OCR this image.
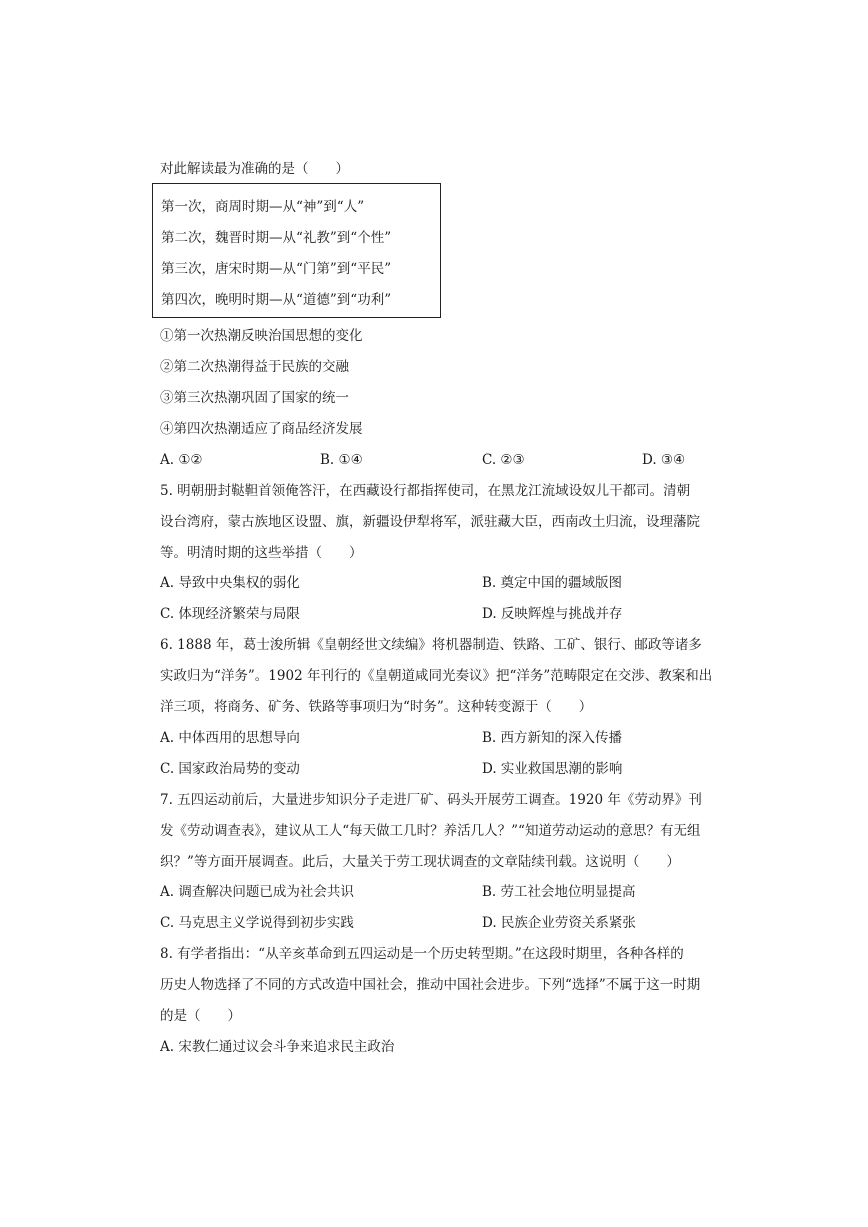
对此解读最为准确的是（　　）
第一次，商周时期—从“神”到“人”
第二次，魏晋时期—从“礼教”到“个性”
第三次，唐宋时期—从“门第”到“平民”
第四次，晚明时期—从“道德”到“功利”
①第一次热潮反映治国思想的变化
②第二次热潮得益于民族的交融
③第三次热潮巩固了国家的统一
④第四次热潮适应了商品经济发展
A. ①②	B. ①④	C. ②③	D. ③④
5. 明朝册封鞑靼首领俺答汗，在西藏设行都指挥使司，在黑龙江流域设奴儿干都司。清朝
设台湾府，蒙古族地区设盟、旗，新疆设伊犁将军，派驻藏大臣，西南改土归流，设理藩院
等。明清时期的这些举措（　　）
A. 导致中央集权的弱化	B. 奠定中国的疆域版图
C. 体现经济繁荣与局限	D. 反映辉煌与挑战并存
6. 1888 年，葛士浚所辑《皇朝经世文续编》将机器制造、铁路、工矿、银行、邮政等诸多
实政归为“洋务”。1902 年刊行的《皇朝道咸同光奏议》把“洋务”范畴限定在交涉、教案和出
洋三项，将商务、矿务、铁路等事项归为“时务”。这种转变源于（　　）
A. 中体西用的思想导向	B. 西方新知的深入传播
C. 国家政治局势的变动	D. 实业救国思潮的影响
7. 五四运动前后，大量进步知识分子走进厂矿、码头开展劳工调查。1920 年《劳动界》刊
发《劳动调查表》，建议从工人“每天做工几时？养活几人？”“知道劳动运动的意思？有无组
织？”等方面开展调查。此后，大量关于劳工现状调查的文章陆续刊载。这说明（　　）
A. 调查解决问题已成为社会共识	B. 劳工社会地位明显提高
C. 马克思主义学说得到初步实践	D. 民族企业劳资关系紧张
8. 有学者指出：“从辛亥革命到五四运动是一个历史转型期。”在这段时期里，各种各样的
历史人物选择了不同的方式改造中国社会，推动中国社会进步。下列“选择”不属于这一时期
的是（　　）
A. 宋教仁通过议会斗争来追求民主政治
